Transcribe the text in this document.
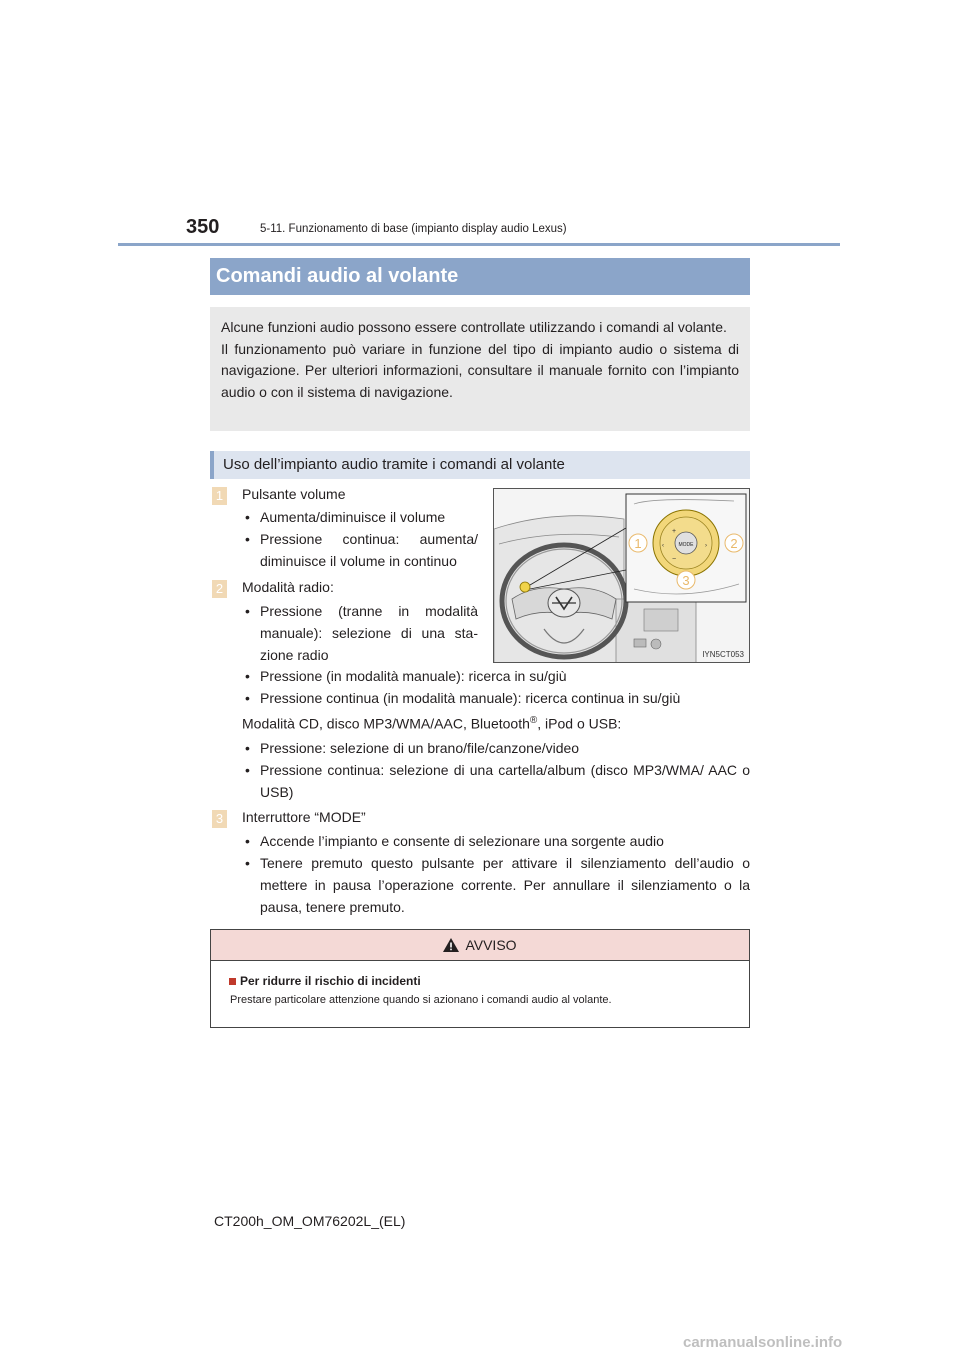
350	5-11. Funzionamento di base (impianto display audio Lexus)
Comandi audio al volante

Alcune funzioni audio possono essere controllate utilizzando i comandi al volante.

Il funzionamento può variare in funzione del tipo di impianto audio o sistema di navigazione. Per ulteriori informazioni, consultare il manuale fornito con l’impianto audio o con il sistema di navigazione.

Uso dell’impianto audio tramite i comandi al volante
1 Pulsante volume
• Aumenta/diminuisce il volume
• Pressione continua: aumenta/ diminuisce il volume in continuo
2 Modalità radio:
• Pressione (tranne in modalità manuale): selezione di una sta- zione radio
• Pressione (in modalità manuale): ricerca in su/giù
• Pressione continua (in modalità manuale): ricerca continua in su/giù
Modalità CD, disco MP3/WMA/AAC, Bluetooth®, iPod o USB:
• Pressione: selezione di un brano/file/canzone/video
• Pressione continua: selezione di una cartella/album (disco MP3/WMA/ AAC o USB)
3 Interruttore “MODE”
• Accende l’impianto e consente di selezionare una sorgente audio
• Tenere premuto questo pulsante per attivare il silenziamento dell’audio o mettere in pausa l’operazione corrente. Per annullare il silenziamento o la pausa, tenere premuto.
MODE
+
−
‹	›
1	2
3
IYN5CT053
AVVISO
Per ridurre il rischio di incidenti
Prestare particolare attenzione quando si azionano i comandi audio al volante.
CT200h_OM_OM76202L_(EL)
carmanualsonline.info
